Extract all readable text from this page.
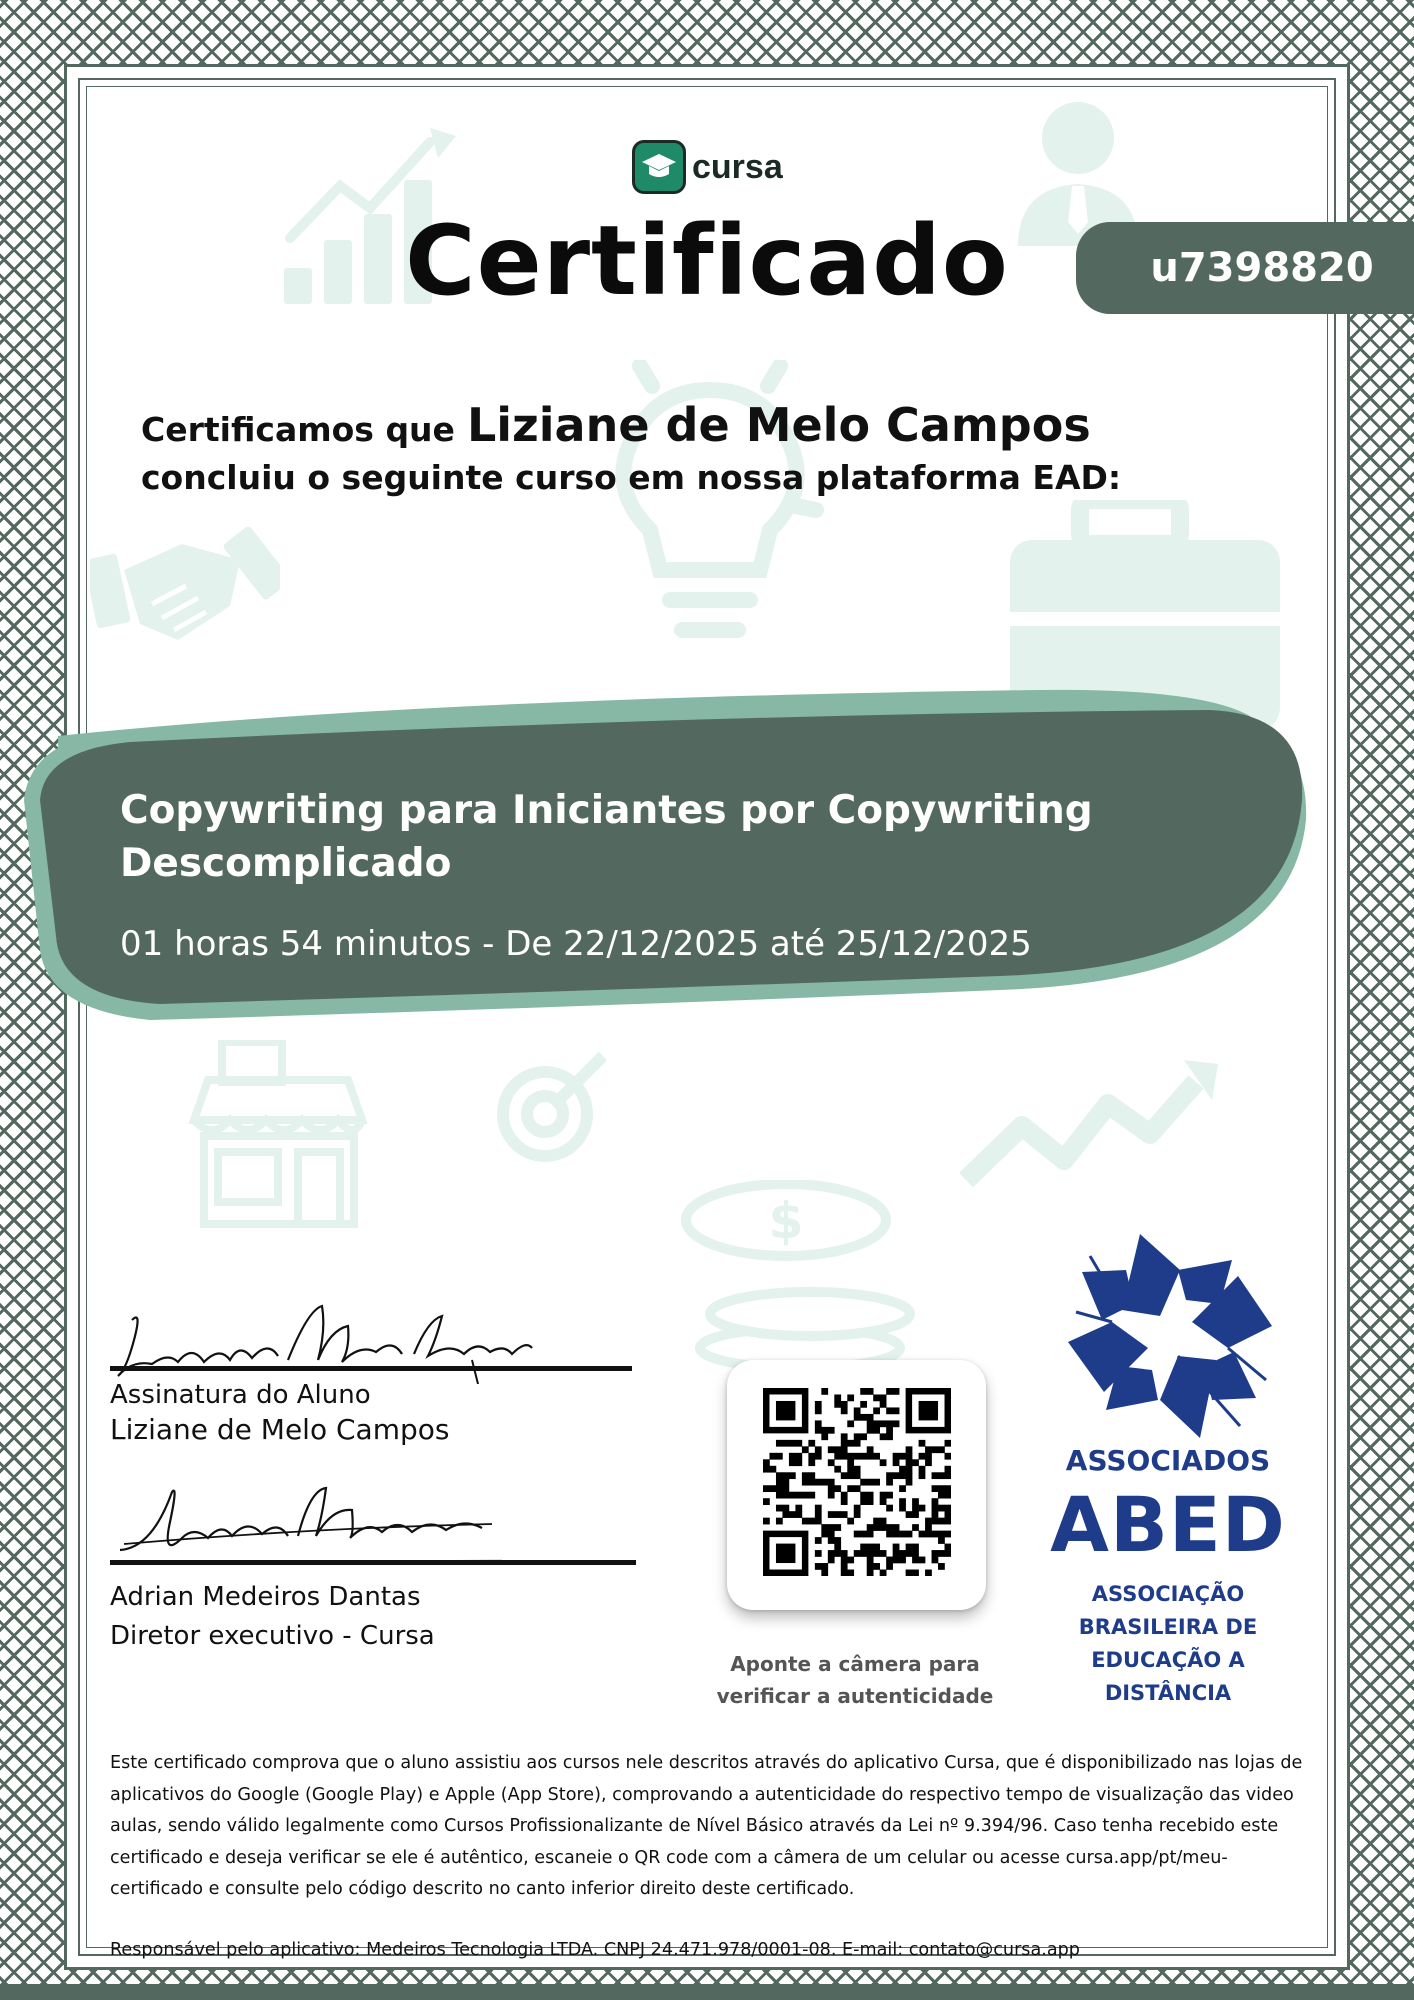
$
cursa
Certificado	u7398820
Certificamos que Liziane de Melo Campos
concluiu o seguinte curso em nossa plataforma EAD:
Copywriting para Iniciantes por Copywriting Descomplicado
01 horas 54 minutos - De 22/12/2025 até 25/12/2025
Assinatura do Aluno
Liziane de Melo Campos
Adrian Medeiros Dantas
Diretor executivo - Cursa
Aponte a câmera para verificar a autenticidade
ASSOCIADOS
ABED
ASSOCIAÇÃO BRASILEIRA DE EDUCAÇÃO A DISTÂNCIA
Este certificado comprova que o aluno assistiu aos cursos nele descritos através do aplicativo Cursa, que é disponibilizado nas lojas de aplicativos do Google (Google Play) e Apple (App Store), comprovando a autenticidade do respectivo tempo de visualização das video aulas, sendo válido legalmente como Cursos Profissionalizante de Nível Básico através da Lei nº 9.394/96. Caso tenha recebido este certificado e deseja verificar se ele é autêntico, escaneie o QR code com a câmera de um celular ou acesse cursa.app/pt/meu-certificado e consulte pelo código descrito no canto inferior direito deste certificado.
Responsável pelo aplicativo: Medeiros Tecnologia LTDA. CNPJ 24.471.978/0001-08. E-mail: contato@cursa.app
